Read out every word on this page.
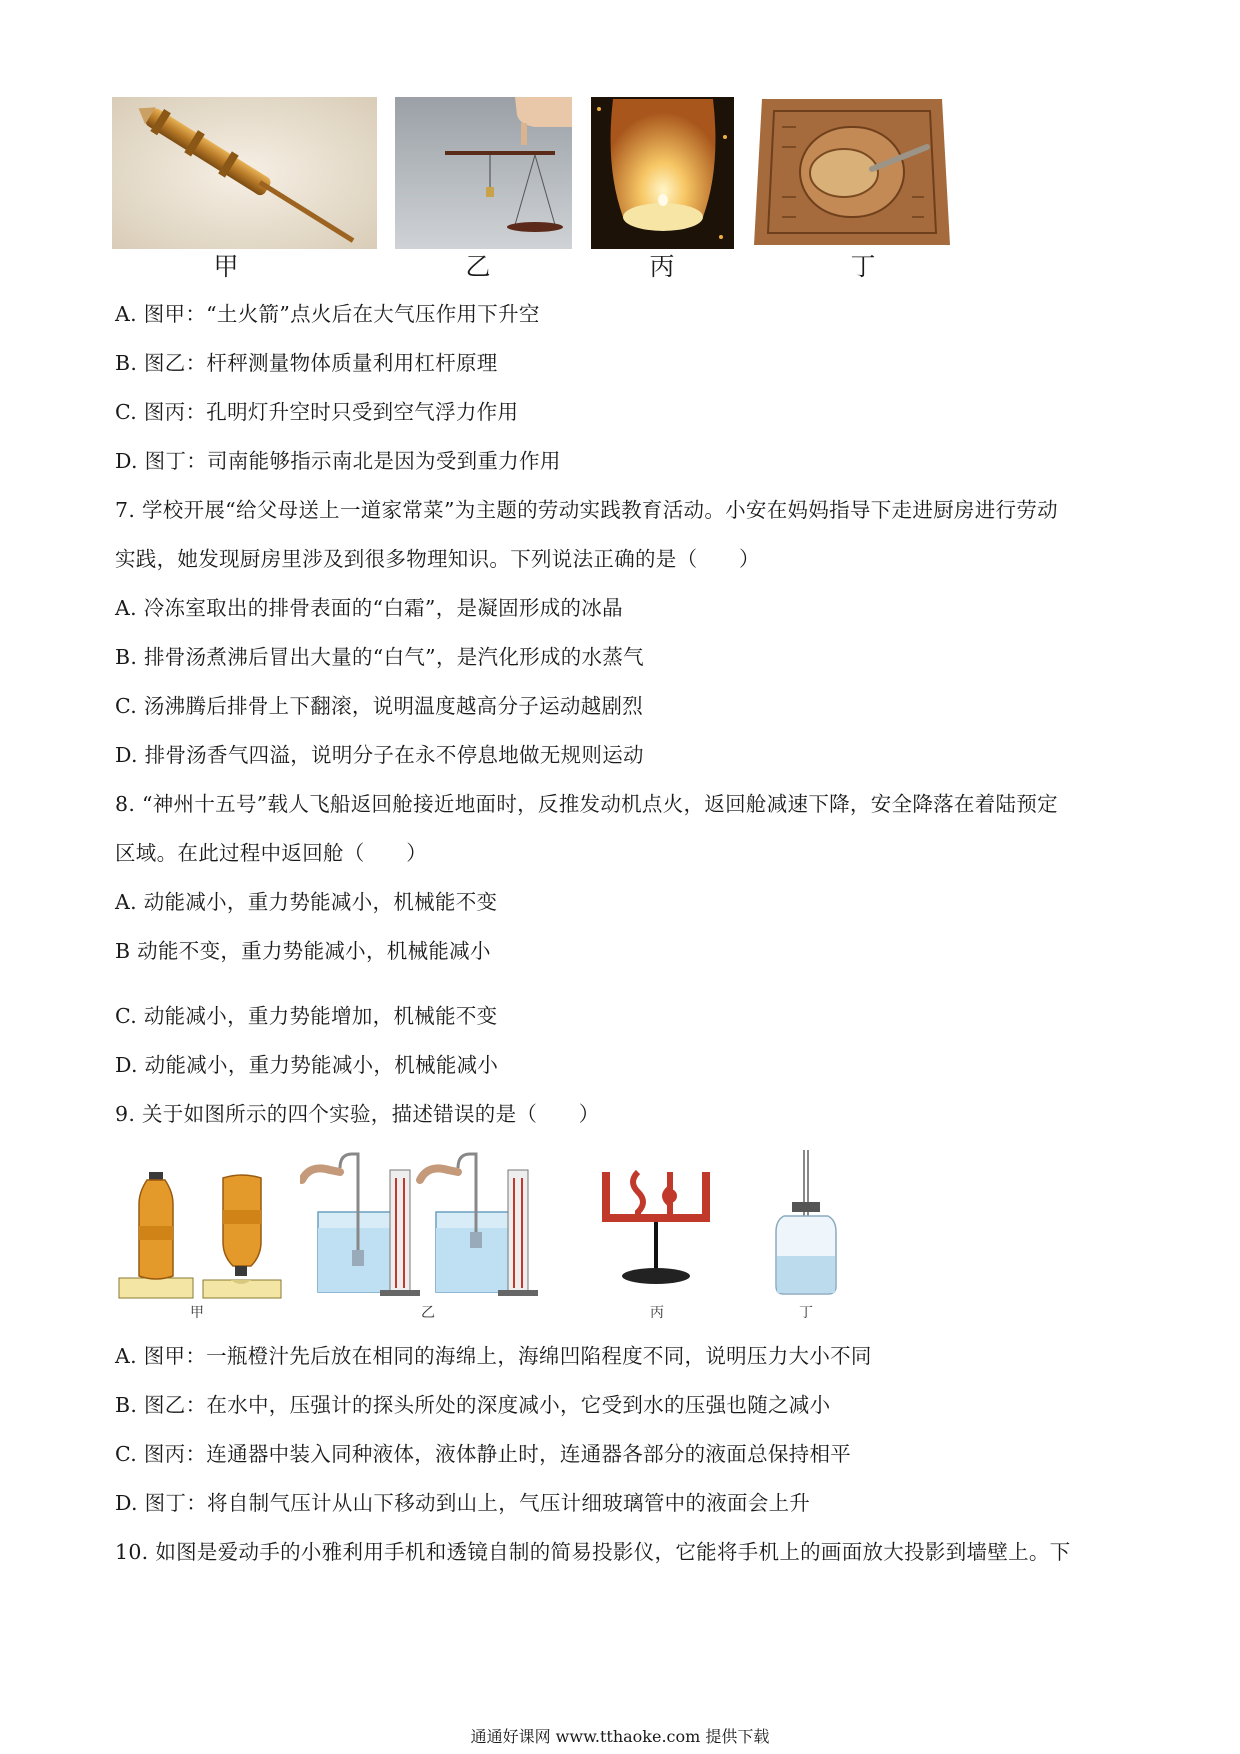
甲	乙	丙	丁
A. 图甲：“土火箭”点火后在大气压作用下升空
B. 图乙：杆秤测量物体质量利用杠杆原理
C. 图丙：孔明灯升空时只受到空气浮力作用
D. 图丁：司南能够指示南北是因为受到重力作用
7. 学校开展“给父母送上一道家常菜”为主题的劳动实践教育活动。小安在妈妈指导下走进厨房进行劳动
实践，她发现厨房里涉及到很多物理知识。下列说法正确的是（　　）
A. 冷冻室取出的排骨表面的“白霜”，是凝固形成的冰晶
B. 排骨汤煮沸后冒出大量的“白气”，是汽化形成的水蒸气
C. 汤沸腾后排骨上下翻滚，说明温度越高分子运动越剧烈
D. 排骨汤香气四溢，说明分子在永不停息地做无规则运动
8. “神州十五号”载人飞船返回舱接近地面时，反推发动机点火，返回舱减速下降，安全降落在着陆预定
区域。在此过程中返回舱（　　）
A. 动能减小，重力势能减小，机械能不变
B 动能不变，重力势能减小，机械能减小
C. 动能减小，重力势能增加，机械能不变
D. 动能减小，重力势能减小，机械能减小
9. 关于如图所示的四个实验，描述错误的是（　　）
甲	乙	丙	丁
A. 图甲：一瓶橙汁先后放在相同的海绵上，海绵凹陷程度不同，说明压力大小不同
B. 图乙：在水中，压强计的探头所处的深度减小，它受到水的压强也随之减小
C. 图丙：连通器中装入同种液体，液体静止时，连通器各部分的液面总保持相平
D. 图丁：将自制气压计从山下移动到山上，气压计细玻璃管中的液面会上升
10. 如图是爱动手的小雅利用手机和透镜自制的简易投影仪，它能将手机上的画面放大投影到墙壁上。下
通通好课网 www.tthaoke.com 提供下载
